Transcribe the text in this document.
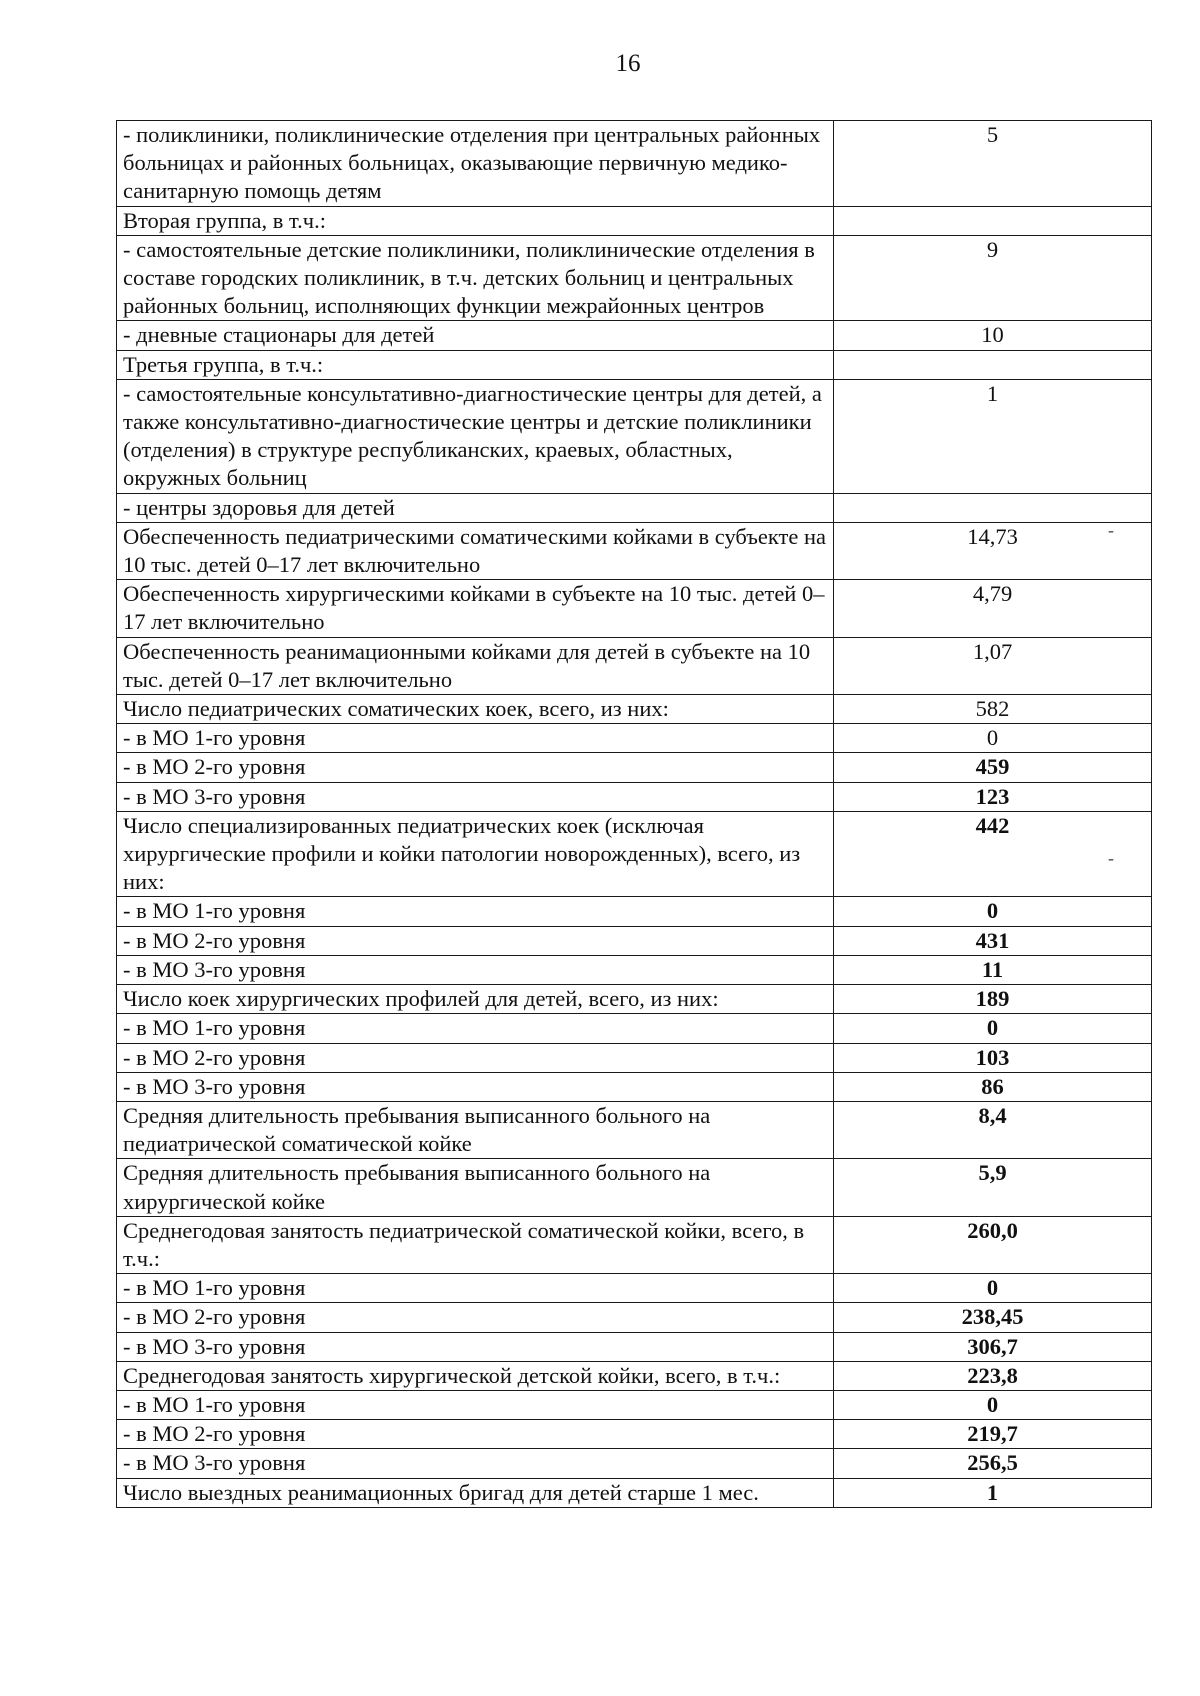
16
- поликлиники, поликлинические отделения при центральных районных больницах и районных больницах, оказывающие первичную медико-санитарную помощь детям	5
Вторая группа, в т.ч.:	
- самостоятельные детские поликлиники, поликлинические отделения в составе городских поликлиник, в т.ч. детских больниц и центральных районных больниц, исполняющих функции межрайонных центров	9
- дневные стационары для детей	10
Третья группа, в т.ч.:	
- самостоятельные консультативно-диагностические центры для детей, а также консультативно-диагностические центры и детские поликлиники (отделения) в структуре республиканских, краевых, областных, окружных больниц	1
- центры здоровья для детей	
Обеспеченность педиатрическими соматическими койками в субъекте на 10 тыс. детей 0–17 лет включительно	14,73
Обеспеченность хирургическими койками в субъекте на 10 тыс. детей 0–17 лет включительно	4,79
Обеспеченность реанимационными койками для детей в субъекте на 10 тыс. детей 0–17 лет включительно	1,07
Число педиатрических соматических коек, всего, из них:	582
- в МО 1-го уровня	0
- в МО 2-го уровня	459
- в МО 3-го уровня	123
Число специализированных педиатрических коек (исключая хирургические профили и койки патологии новорожденных), всего, из них:	442
- в МО 1-го уровня	0
- в МО 2-го уровня	431
- в МО 3-го уровня	11
Число коек хирургических профилей для детей, всего, из них:	189
- в МО 1-го уровня	0
- в МО 2-го уровня	103
- в МО 3-го уровня	86
Средняя длительность пребывания выписанного больного на педиатрической соматической койке	8,4
Средняя длительность пребывания выписанного больного на хирургической койке	5,9
Среднегодовая занятость педиатрической соматической койки, всего, в т.ч.:	260,0
- в МО 1-го уровня	0
- в МО 2-го уровня	238,45
- в МО 3-го уровня	306,7
Среднегодовая занятость хирургической детской койки, всего, в т.ч.:	223,8
- в МО 1-го уровня	0
- в МО 2-го уровня	219,7
- в МО 3-го уровня	256,5
Число выездных реанимационных бригад для детей старше 1 мес.	1
-
-
